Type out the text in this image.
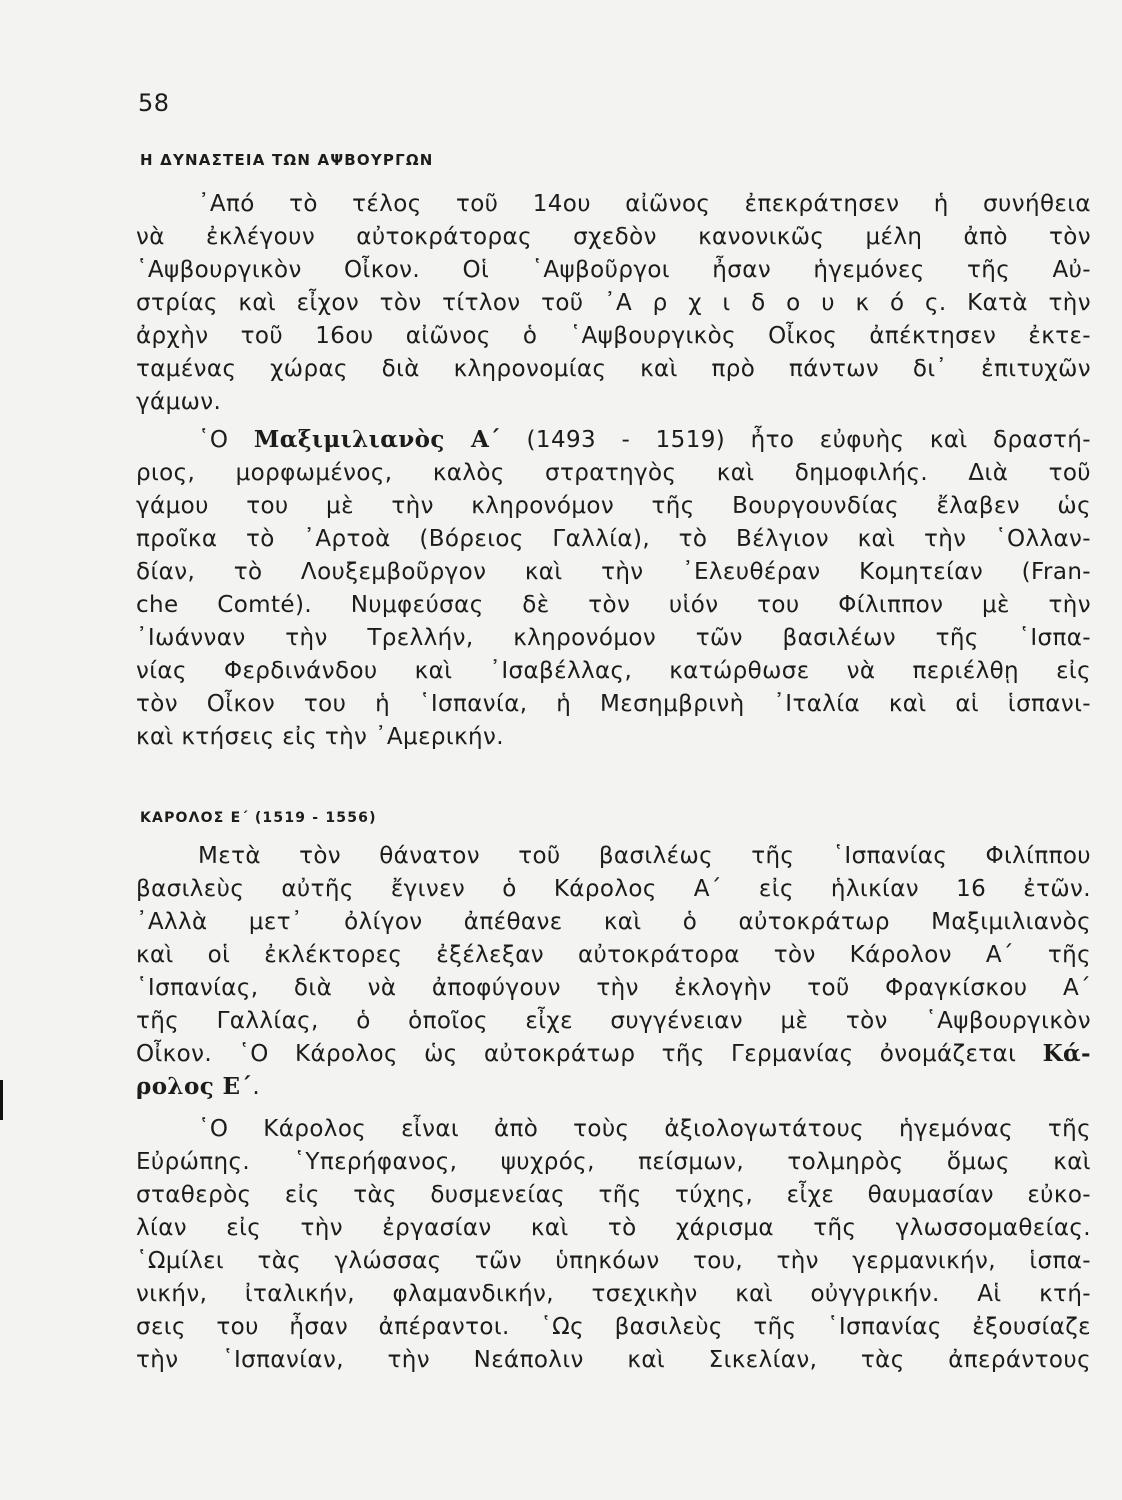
58
Η ΔΥΝΑΣΤΕΙΑ ΤΩΝ ΑΨΒΟΥΡΓΩΝ
᾿Από τὸ τέλος τοῦ 14ου αἰῶνος ἐπεκράτησεν ἡ συνήθεια
νὰ ἐκλέγουν αὐτοκράτορας σχεδὸν κανονικῶς μέλη ἀπὸ τὸν
῾Αψβουργικὸν Οἶκον. Οἱ ῾Αψβοῦργοι ἦσαν ἡγεμόνες τῆς Αὐ-
στρίας καὶ εἶχον τὸν τίτλον τοῦ ᾿Α ρ χ ι δ ο υ κ ό ς. Κατὰ τὴν
ἀρχὴν τοῦ 16ου αἰῶνος ὁ ῾Αψβουργικὸς Οἶκος ἀπέκτησεν ἐκτε-
ταμένας χώρας διὰ κληρονομίας καὶ πρὸ πάντων δι᾿ ἐπιτυχῶν
γάμων.
῾Ο Μαξιμιλιανὸς Α΄ (1493 - 1519) ἦτο εὐφυὴς καὶ δραστή-
ριος, μορφωμένος, καλὸς στρατηγὸς καὶ δημοφιλής. Διὰ τοῦ
γάμου του μὲ τὴν κληρονόμον τῆς Βουργουνδίας ἔλαβεν ὡς
προῖκα τὸ ᾿Αρτοὰ (Βόρειος Γαλλία), τὸ Βέλγιον καὶ τὴν ῾Ολλαν-
δίαν, τὸ Λουξεμβοῦργον καὶ τὴν ᾿Ελευθέραν Κομητείαν (Fran-
che Comté). Νυμφεύσας δὲ τὸν υἱόν του Φίλιππον μὲ τὴν
᾿Ιωάνναν τὴν Τρελλήν, κληρονόμον τῶν βασιλέων τῆς ῾Ισπα-
νίας Φερδινάνδου καὶ ᾿Ισαβέλλας, κατώρθωσε νὰ περιέλθῃ εἰς
τὸν Οἶκον του ἡ ῾Ισπανία, ἡ Μεσημβρινὴ ᾿Ιταλία καὶ αἱ ἱσπανι-
καὶ κτήσεις εἰς τὴν ᾿Αμερικήν.
ΚΑΡΟΛΟΣ Ε΄ (1519 - 1556)
Μετὰ τὸν θάνατον τοῦ βασιλέως τῆς ῾Ισπανίας Φιλίππου
βασιλεὺς αὐτῆς ἔγινεν ὁ Κάρολος Α΄ εἰς ἡλικίαν 16 ἐτῶν.
᾿Αλλὰ μετ᾿ ὀλίγον ἀπέθανε καὶ ὁ αὐτοκράτωρ Μαξιμιλιανὸς
καὶ οἱ ἐκλέκτορες ἐξέλεξαν αὐτοκράτορα τὸν Κάρολον Α΄ τῆς
῾Ισπανίας, διὰ νὰ ἀποφύγουν τὴν ἐκλογὴν τοῦ Φραγκίσκου Α΄
τῆς Γαλλίας, ὁ ὁποῖος εἶχε συγγένειαν μὲ τὸν ῾Αψβουργικὸν
Οἶκον. ῾Ο Κάρολος ὡς αὐτοκράτωρ τῆς Γερμανίας ὀνομάζεται Κά-
ρολος Ε΄.
῾Ο Κάρολος εἶναι ἀπὸ τοὺς ἀξιολογωτάτους ἡγεμόνας τῆς
Εὐρώπης. ῾Υπερήφανος, ψυχρός, πείσμων, τολμηρὸς ὅμως καὶ
σταθερὸς εἰς τὰς δυσμενείας τῆς τύχης, εἶχε θαυμασίαν εὐκο-
λίαν εἰς τὴν ἐργασίαν καὶ τὸ χάρισμα τῆς γλωσσομαθείας.
῾Ωμίλει τὰς γλώσσας τῶν ὑπηκόων του, τὴν γερμανικήν, ἱσπα-
νικήν, ἰταλικήν, φλαμανδικήν, τσεχικὴν καὶ οὐγγρικήν. Αἱ κτή-
σεις του ἦσαν ἀπέραντοι. ῾Ως βασιλεὺς τῆς ῾Ισπανίας ἐξουσίαζε
τὴν ῾Ισπανίαν, τὴν Νεάπολιν καὶ Σικελίαν, τὰς ἀπεράντους
